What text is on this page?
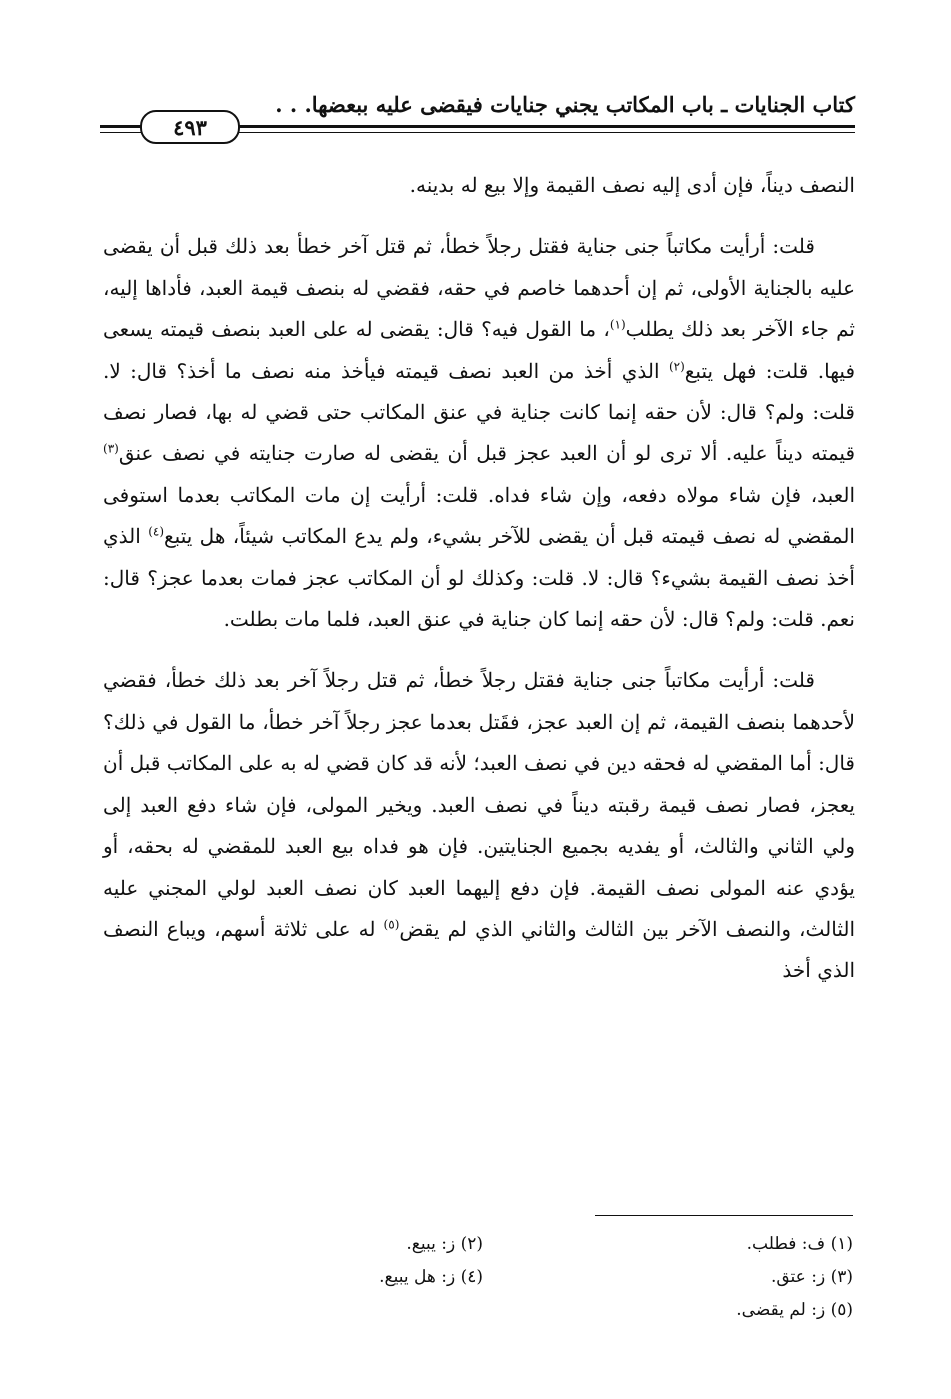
كتاب الجنايات ـ باب المكاتب يجني جنايات فيقضى عليه ببعضها. . .
٤٩٣

النصف ديناً، فإن أدى إليه نصف القيمة وإلا بيع له بدينه.

قلت: أرأيت مكاتباً جنى جناية فقتل رجلاً خطأ، ثم قتل آخر خطأ بعد ذلك قبل أن يقضى عليه بالجناية الأولى، ثم إن أحدهما خاصم في حقه، فقضي له بنصف قيمة العبد، فأداها إليه، ثم جاء الآخر بعد ذلك يطلب$^{(١)}$، ما القول فيه؟ قال: يقضى له على العبد بنصف قيمته يسعى فيها. قلت: فهل يتبع$^{(٢)}$ الذي أخذ من العبد نصف قيمته فيأخذ منه نصف ما أخذ؟ قال: لا. قلت: ولم؟ قال: لأن حقه إنما كانت جناية في عنق المكاتب حتى قضي له بها، فصار نصف قيمته ديناً عليه. ألا ترى لو أن العبد عجز قبل أن يقضى له صارت جنايته في نصف عنق$^{(٣)}$ العبد، فإن شاء مولاه دفعه، وإن شاء فداه. قلت: أرأيت إن مات المكاتب بعدما استوفى المقضي له نصف قيمته قبل أن يقضى للآخر بشيء، ولم يدع المكاتب شيئاً، هل يتبع$^{(٤)}$ الذي أخذ نصف القيمة بشيء؟ قال: لا. قلت: وكذلك لو أن المكاتب عجز فمات بعدما عجز؟ قال: نعم. قلت: ولم؟ قال: لأن حقه إنما كان جناية في عنق العبد، فلما مات بطلت.

قلت: أرأيت مكاتباً جنى جناية فقتل رجلاً خطأ، ثم قتل رجلاً آخر بعد ذلك خطأ، فقضي لأحدهما بنصف القيمة، ثم إن العبد عجز، فقَتل بعدما عجز رجلاً آخر خطأ، ما القول في ذلك؟ قال: أما المقضي له فحقه دين في نصف العبد؛ لأنه قد كان قضي له به على المكاتب قبل أن يعجز، فصار نصف قيمة رقبته ديناً في نصف العبد. ويخير المولى، فإن شاء دفع العبد إلى ولي الثاني والثالث، أو يفديه بجميع الجنايتين. فإن هو فداه بيع العبد للمقضي له بحقه، أو يؤدي عنه المولى نصف القيمة. فإن دفع إليهما العبد كان نصف العبد لولي المجني عليه الثالث، والنصف الآخر بين الثالث والثاني الذي لم يقض$^{(٥)}$ له على ثلاثة أسهم، ويباع النصف الذي أخذ

(١) ف: فطلب.
(٣) ز: عتق.
(٥) ز: لم يقضى.
(٢) ز: يبيع.
(٤) ز: هل يبيع.
